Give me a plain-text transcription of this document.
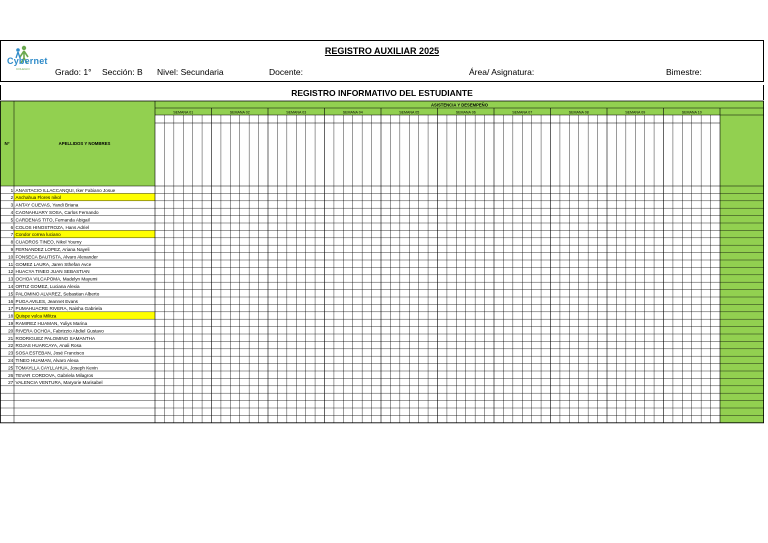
Cybernet
COLEGIO
REGISTRO AUXILIAR 2025
Grado: 1° Sección: B Nivel: Secundaria	Docente:	Área/ Asignatura:	Bimestre:
REGISTRO INFORMATIVO DEL ESTUDIANTE
SEMANA 01	SEMANA 02	SEMANA 03	SEMANA 04	SEMANA 05	SEMANA 06	SEMANA 07	SEMANA 08	SEMANA 09	SEMANA 10
ASISTENCIA Y DESEMPEÑO
N°	APELLIDOS Y NOMBRES
1 ANASTACIO ILLACCANQUI, Iker Fabiano Josue
2 Anchahua Flores nikol
3 ANTAY CUEVAS, Yandi Briana
4 CAONAHUARY SOSA, Carlos Fernando
5 CARDENAS TITO, Fernanda Abigail
6 COLOS HINOSTROZA, Hans Adriel
7 Condor correa luciano
8 CUADROS TINEO, Nikol Youmy
9 FERNANDEZ LOPEZ, Ariana Nayeli
10 FONSECA BAUTISTA, Alvaro Alexander
11 GOMEZ LAURA, Jaren Sthefan Avce
12 HUACYA TINEO JUAN SEBASTIAN
13 OCHOA VILCAPOMA, Madelyn Mayumi
14 ORTIZ GOMEZ, Luciana Alexia
15 PALOMINO ALVAREZ, Sebastian Alberto
16 PUGA AVILES, Jeannet Evans
17 PUMAHUACRE RIVERA, Naisha Gabriela
18 Quispe vulca Militza
19 RAMIREZ HUAMAN, Yuliys Marina
20 RIVERA OCHOA, Fabrizzio Abdiel Gustavo
21 RODRIGUEZ PALOMINO SAMANTHA
22 ROJAS HUARCAYA, Anali Rosa
23 SOSA ESTEBAN, José Francisco
24 TINEO HUAMAN, Alvaro Alexa
25 TOMAYLLA CAYLLAHUA, Joseph Kevin
26 TEVAR CORDOVA, Gabriela Milagros
27 VALENCIA VENTURA, Maryorie Marisabel
